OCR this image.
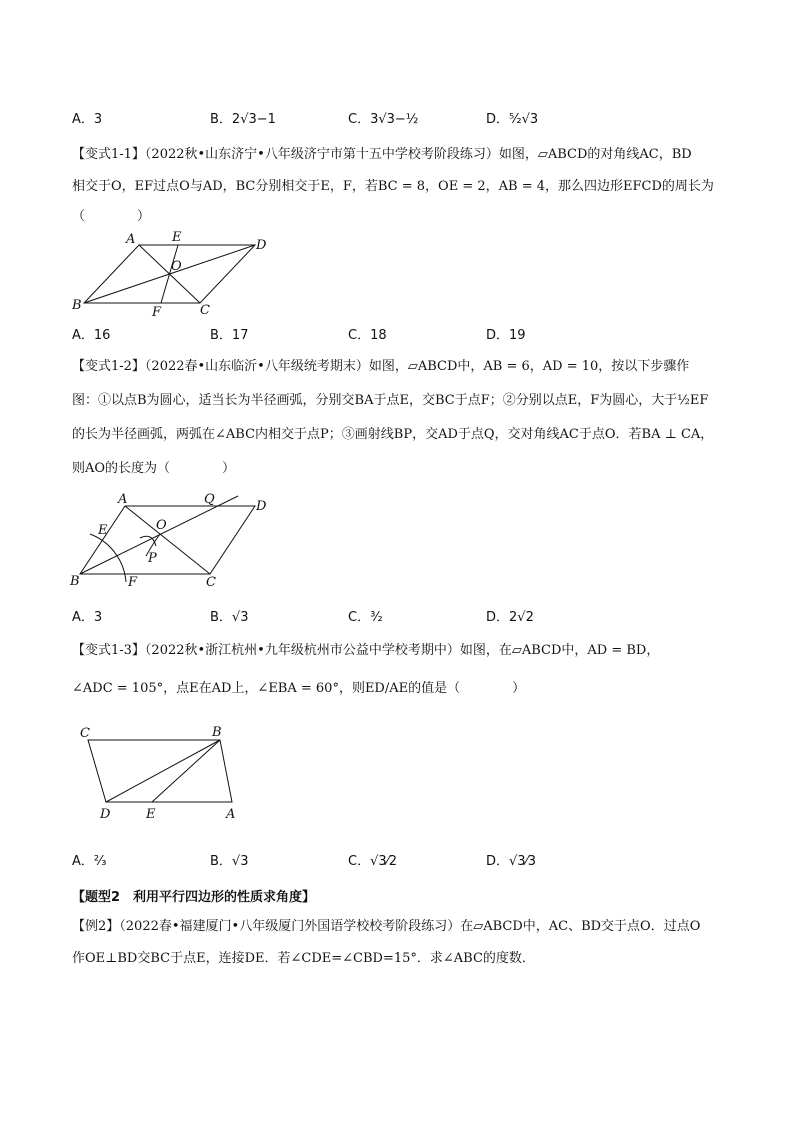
A．3	B．2√3−1	C．3√3−½	D．⁵⁄₂√3
【变式1-1】（2022秋•山东济宁•八年级济宁市第十五中学校考阶段练习）如图，▱ABCD的对角线AC，BD
相交于O，EF过点O与AD，BC分别相交于E，F，若BC = 8，OE = 2，AB = 4，那么四边形EFCD的周长为
（　　　　）
A	E
D
O
B	F	C
A．16	B．17	C．18	D．19
【变式1-2】（2022春•山东临沂•八年级统考期末）如图，▱ABCD中，AB = 6，AD = 10，按以下步骤作
图：①以点B为圆心，适当长为半径画弧，分别交BA于点E，交BC于点F；②分别以点E，F为圆心，大于½EF
的长为半径画弧，两弧在∠ABC内相交于点P；③画射线BP，交AD于点Q，交对角线AC于点O．若BA ⊥ CA，
则AO的长度为（　　　　）
A	Q	D
E	O
P
B	F	C
A．3	B．√3	C．³⁄₂	D．2√2
【变式1-3】（2022秋•浙江杭州•九年级杭州市公益中学校考期中）如图，在▱ABCD中，AD = BD，
∠ADC = 105°，点E在AD上，∠EBA = 60°，则ED/AE的值是（　　　　）
C	B
D	E	A
A．²⁄₃	B．√3	C．√3⁄2	D．√3⁄3
【题型2　利用平行四边形的性质求角度】
【例2】（2022春•福建厦门•八年级厦门外国语学校校考阶段练习）在▱ABCD中，AC、BD交于点O．过点O
作OE⊥BD交BC于点E，连接DE．若∠CDE=∠CBD=15°．求∠ABC的度数．
